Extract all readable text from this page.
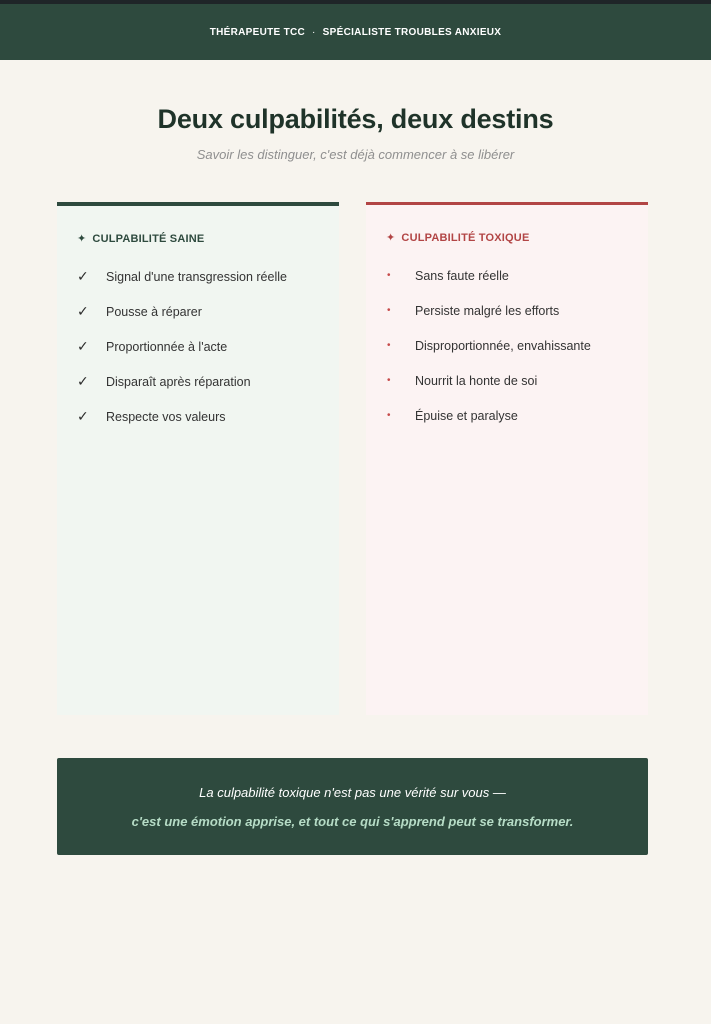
THÉRAPEUTE TCC · SPÉCIALISTE TROUBLES ANXIEUX
Deux culpabilités, deux destins

Savoir les distinguer, c'est déjà commencer à se libérer

✦ CULPABILITÉ SAINE
✓	Signal d'une transgression réelle
✓	Pousse à réparer
✓	Proportionnée à l'acte
✓	Disparaît après réparation
✓	Respecte vos valeurs
✦ CULPABILITÉ TOXIQUE
•	Sans faute réelle
•	Persiste malgré les efforts
•	Disproportionnée, envahissante
•	Nourrit la honte de soi
•	Épuise et paralyse

La culpabilité toxique n'est pas une vérité sur vous —

c'est une émotion apprise, et tout ce qui s'apprend peut se transformer.
